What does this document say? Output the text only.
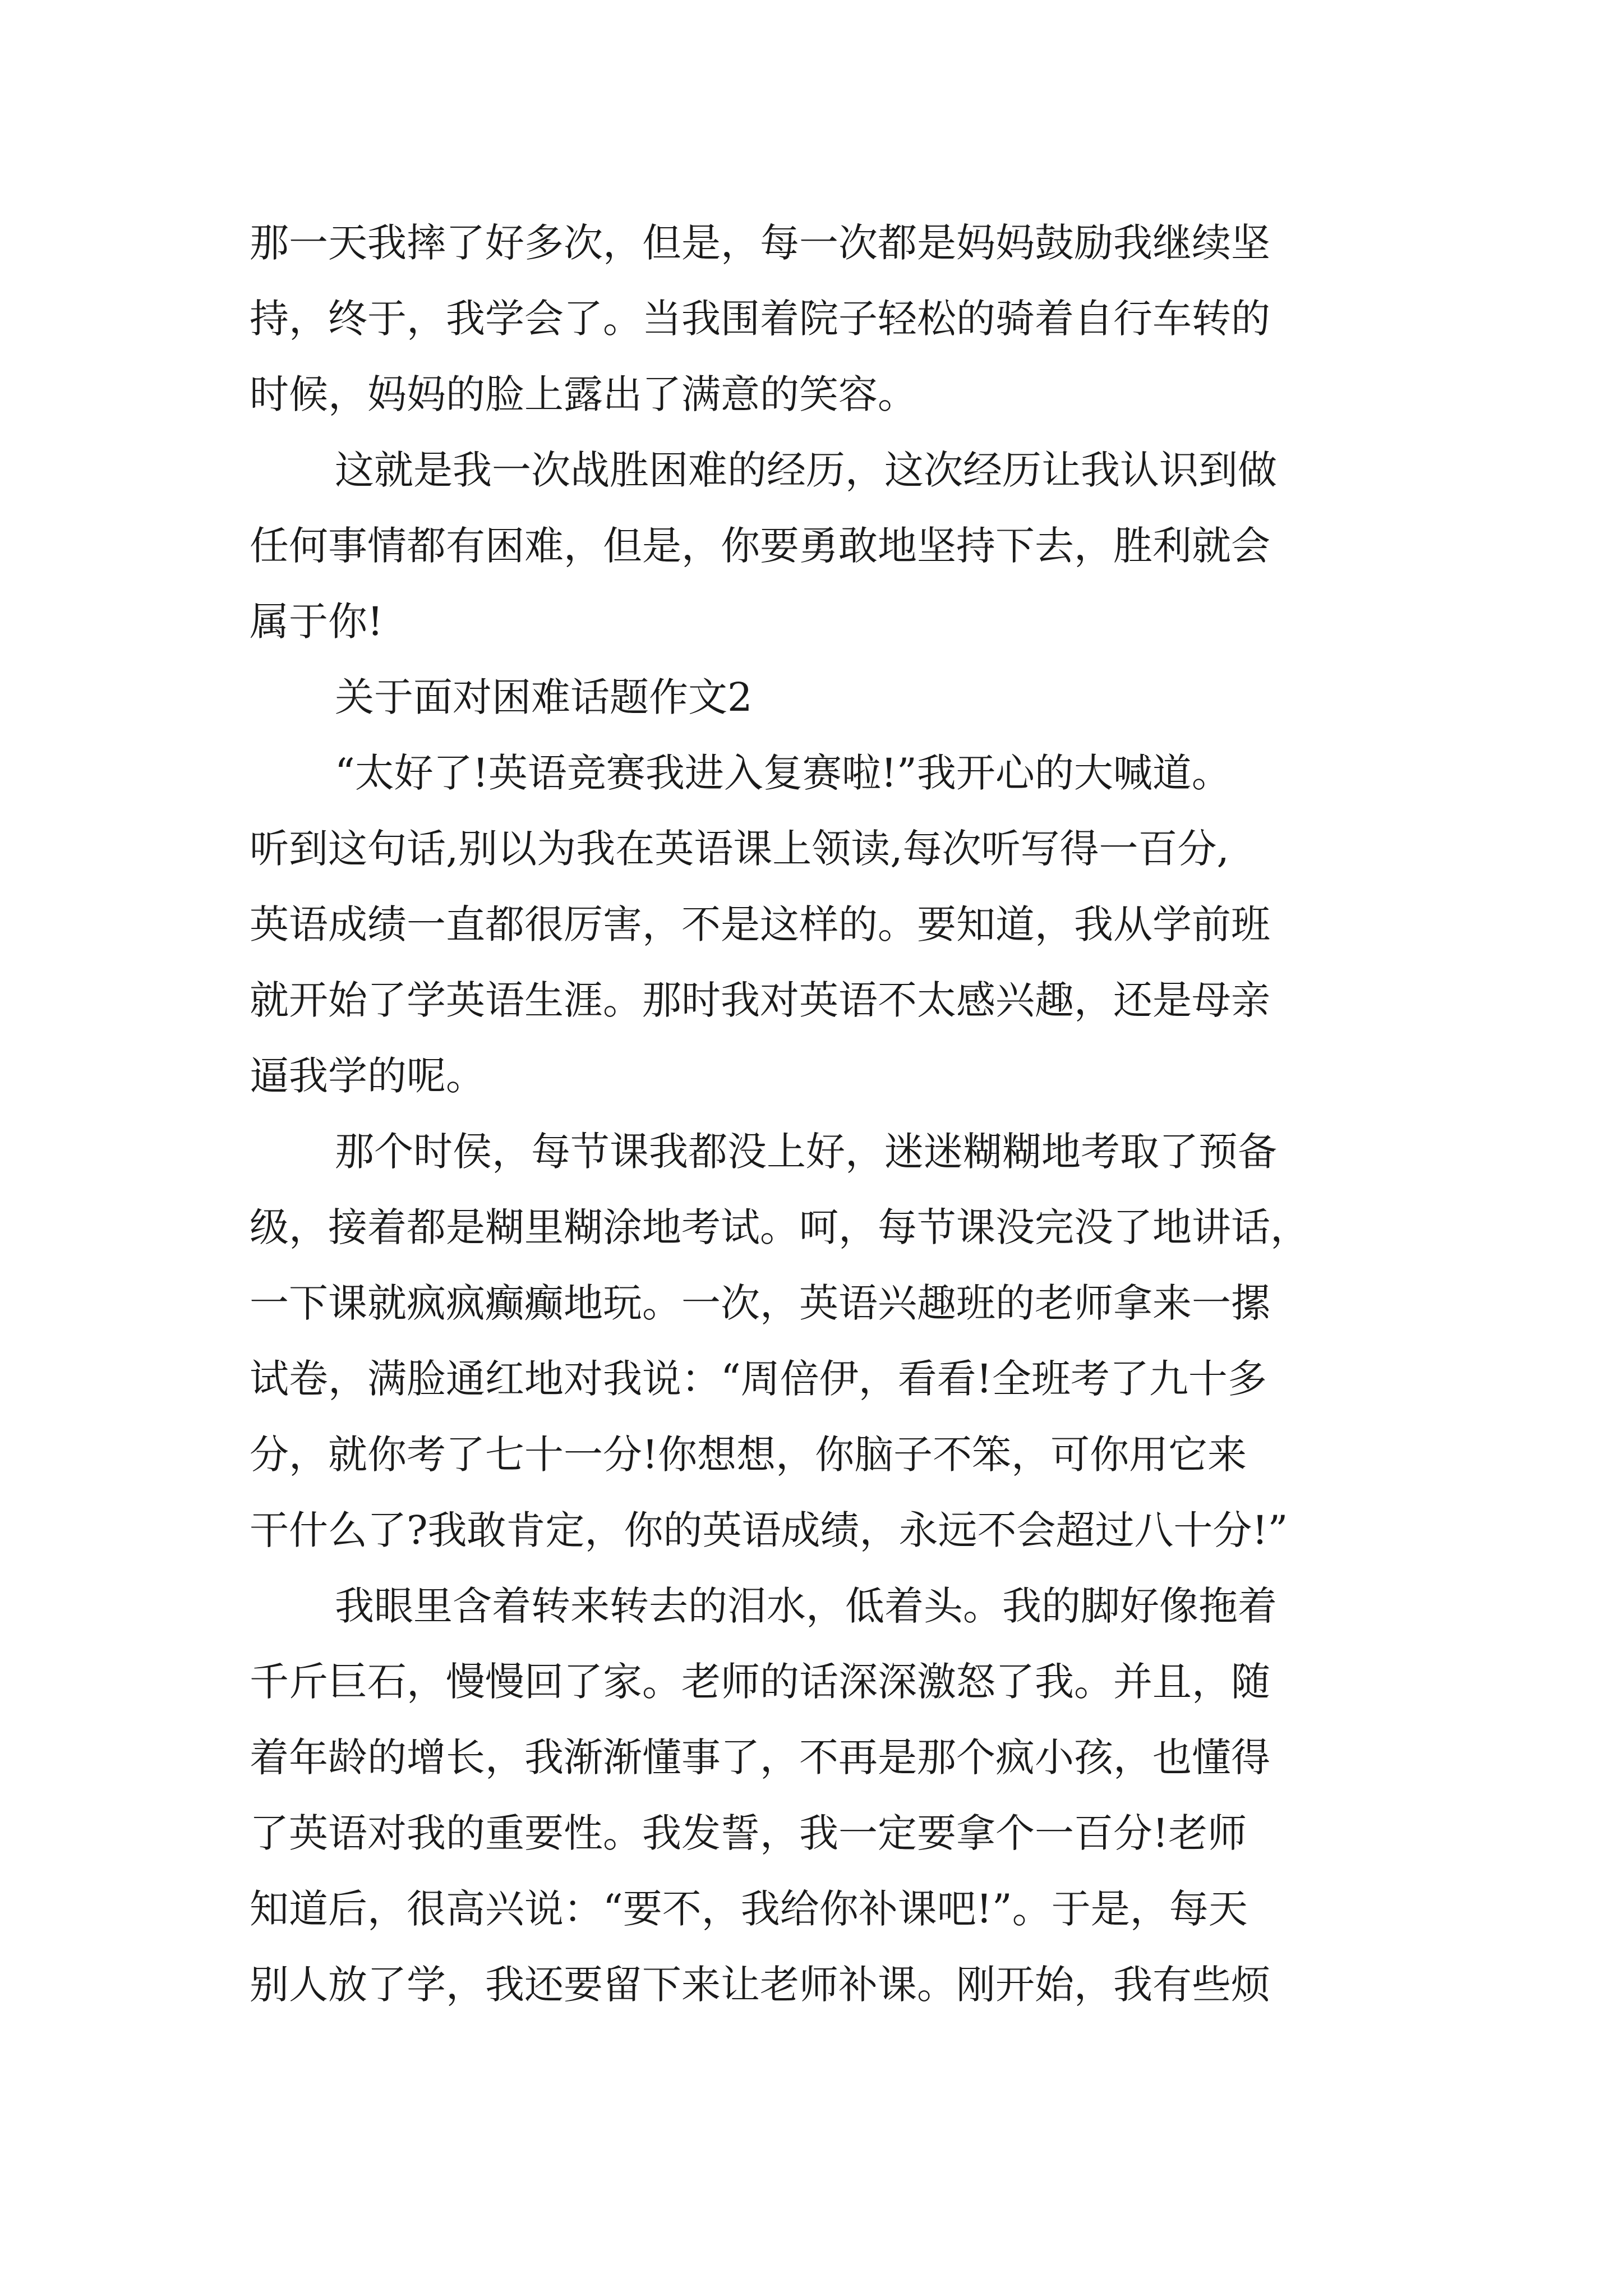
那一天我摔了好多次，但是，每一次都是妈妈鼓励我继续坚

持，终于，我学会了。当我围着院子轻松的骑着自行车转的

时候，妈妈的脸上露出了满意的笑容。

这就是我一次战胜困难的经历，这次经历让我认识到做

任何事情都有困难，但是，你要勇敢地坚持下去，胜利就会

属于你!

关于面对困难话题作文2

“太好了!英语竞赛我进入复赛啦!”我开心的大喊道。

听到这句话,别以为我在英语课上领读,每次听写得一百分,

英语成绩一直都很厉害，不是这样的。要知道，我从学前班

就开始了学英语生涯。那时我对英语不太感兴趣，还是母亲

逼我学的呢。

那个时侯，每节课我都没上好，迷迷糊糊地考取了预备

级，接着都是糊里糊涂地考试。呵，每节课没完没了地讲话，

一下课就疯疯癫癫地玩。一次，英语兴趣班的老师拿来一摞

试卷，满脸通红地对我说：“周倍伊，看看!全班考了九十多

分，就你考了七十一分!你想想，你脑子不笨，可你用它来

干什么了?我敢肯定，你的英语成绩，永远不会超过八十分!”

我眼里含着转来转去的泪水，低着头。我的脚好像拖着

千斤巨石，慢慢回了家。老师的话深深激怒了我。并且，随

着年龄的增长，我渐渐懂事了，不再是那个疯小孩，也懂得

了英语对我的重要性。我发誓，我一定要拿个一百分!老师

知道后，很高兴说：“要不，我给你补课吧!”。于是，每天

别人放了学，我还要留下来让老师补课。刚开始，我有些烦
